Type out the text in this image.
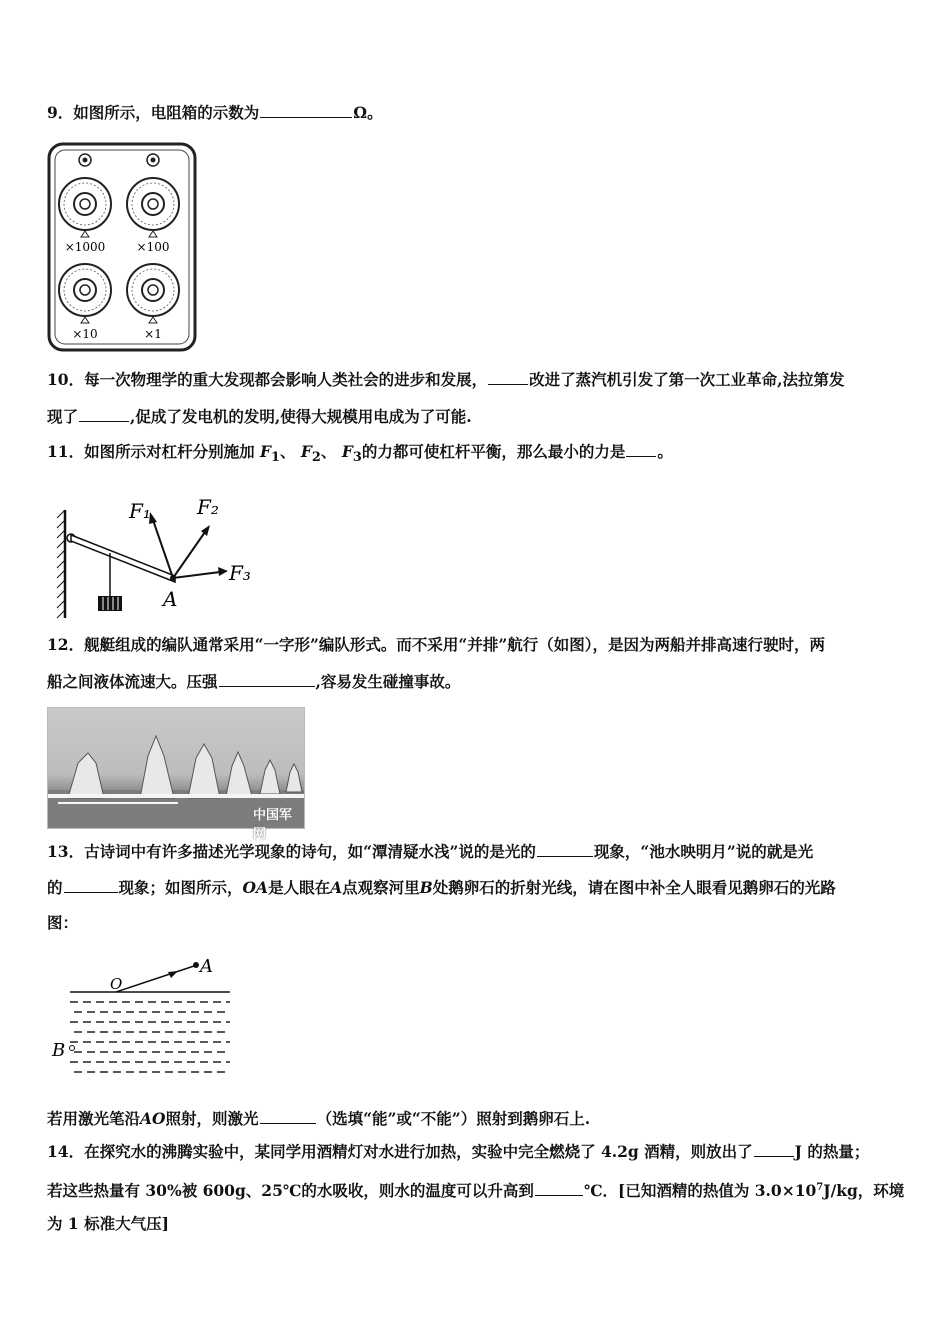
9．如图所示，电阻箱的示数为	Ω。
×1000	×100
×10	×1
10．每一次物理学的重大发现都会影响人类社会的进步和发展，	改进了蒸汽机引发了第一次工业革命,法拉第发
现了	,促成了发电机的发明,使得大规模用电成为了可能.
11．如图所示对杠杆分别施加 $F_1$、 $F_2$、 $F_3$的力都可使杠杆平衡，那么最小的力是 。
F₁ F₂
F₃
A
12．舰艇组成的编队通常采用“一字形”编队形式。而不采用“并排”航行（如图），是因为两船并排高速行驶时，两
船之间液体流速大。压强	,容易发生碰撞事故。
中国军网
13．古诗词中有许多描述光学现象的诗句，如“潭清疑水浅”说的是光的	现象，“池水映明月”说的就是光
的	现象；如图所示，OA是人眼在A点观察河里B处鹅卵石的折射光线，请在图中补全人眼看见鹅卵石的光路
图：
O
A
B
若用激光笔沿AO照射，则激光	（选填“能”或“不能”）照射到鹅卵石上.
14．在探究水的沸腾实验中，某同学用酒精灯对水进行加热，实验中完全燃烧了 4.2g 酒精，则放出了	J 的热量；
若这些热量有 30%被 600g、25℃的水吸收，则水的温度可以升高到	℃．[已知酒精的热值为 $3.0\times 10^7J/kg$，环境
为 1 标准大气压]
